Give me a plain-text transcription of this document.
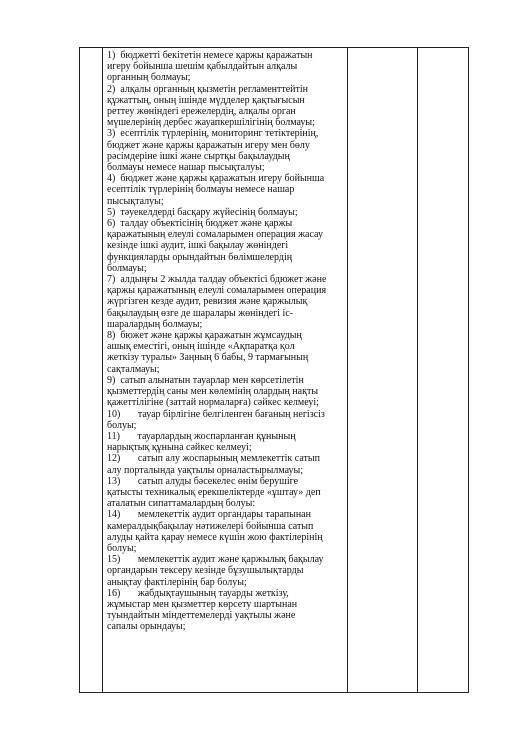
1)  бюджетті бекітетін немесе қаржы қаражатын

игеру бойынша шешім қабылдайтын алқалы

органның болмауы;

2)  алқалы органның қызметін регламенттейтін

құжаттың, оның ішінде мүдделер қақтығысын

реттеу жөніндегі ережелердің, алқалы орган

мүшелерінің дербес жауапкершілігінің болмауы;

3)  есептілік түрлерінің, мониторинг тетіктерінің,

бюджет және қаржы қаражатын игеру мен бөлу

рәсімдеріне ішкі және сыртқы бақылаудың

болмауы немесе нашар пысықталуы;

4)  бюджет және қаржы қаражатын игеру бойынша

есептілік түрлерінің болмауы немесе нашар

пысықталуы;

5)  тәуекелдерді басқару жүйесінің болмауы;

6)  талдау объектісінің бюджет және қаржы

қаражатының елеулі сомаларымен операция жасау

кезінде ішкі аудит, ішкі бақылау жөніндегі

функцияларды орындайтын бөлімшелердің

болмауы;

7)  алдыңғы 2 жылда талдау объектісі бдюжет және

қаржы қаражатының елеулі сомаларымен операция

жүргізген кезде аудит, ревизия және қаржылық

бақылаудың өзге де шаралары жөніндегі іс-

шаралардың болмауы;

8)  бюжет және қаржы қаражатын жұмсаудың

ашық еместігі, оның ішінде «Ақпаратқа қол

жеткізу туралы» Заңның 6 бабы, 9 тармағының

сақталмауы;

9)  сатып алынатын тауарлар мен көрсетілетін

қызметтердің саны мен көлемінің олардың нақты

қажеттілігіне (заттай нормаларға) сәйкес келмеуі;

10)       тауар бірлігіне белгіленген бағаның негізсіз

болуы;

11)       тауарлардың жоспарланған құнының

нарықтық құнына сәйкес келмеуі;

12)       сатып алу жоспарының мемлекеттік сатып

алу порталында уақтылы орналастырылмауы;

13)       сатып алуды бәсекелес өнім берушіге

қатысты техникалық ерекшеліктерде «ұштау» деп

аталатын сипаттамалардың болуы:

14)       мемлекеттік аудит органдары тарапынан

камералдықбақылау нәтижелері бойынша сатып

алуды қайта қарау немесе күшін жою фактілерінің

болуы;

15)       мемлекеттік аудит және қаржылық бақылау

органдарын тексеру кезінде бұзушылықтарды

анықтау фактілерінің бар болуы;

16)       жабдықтаушының тауарды жеткізу,

жұмыстар мен қызметтер көрсету шартынан

туындайтын міндеттемелерді уақтылы және

сапалы орындауы;
